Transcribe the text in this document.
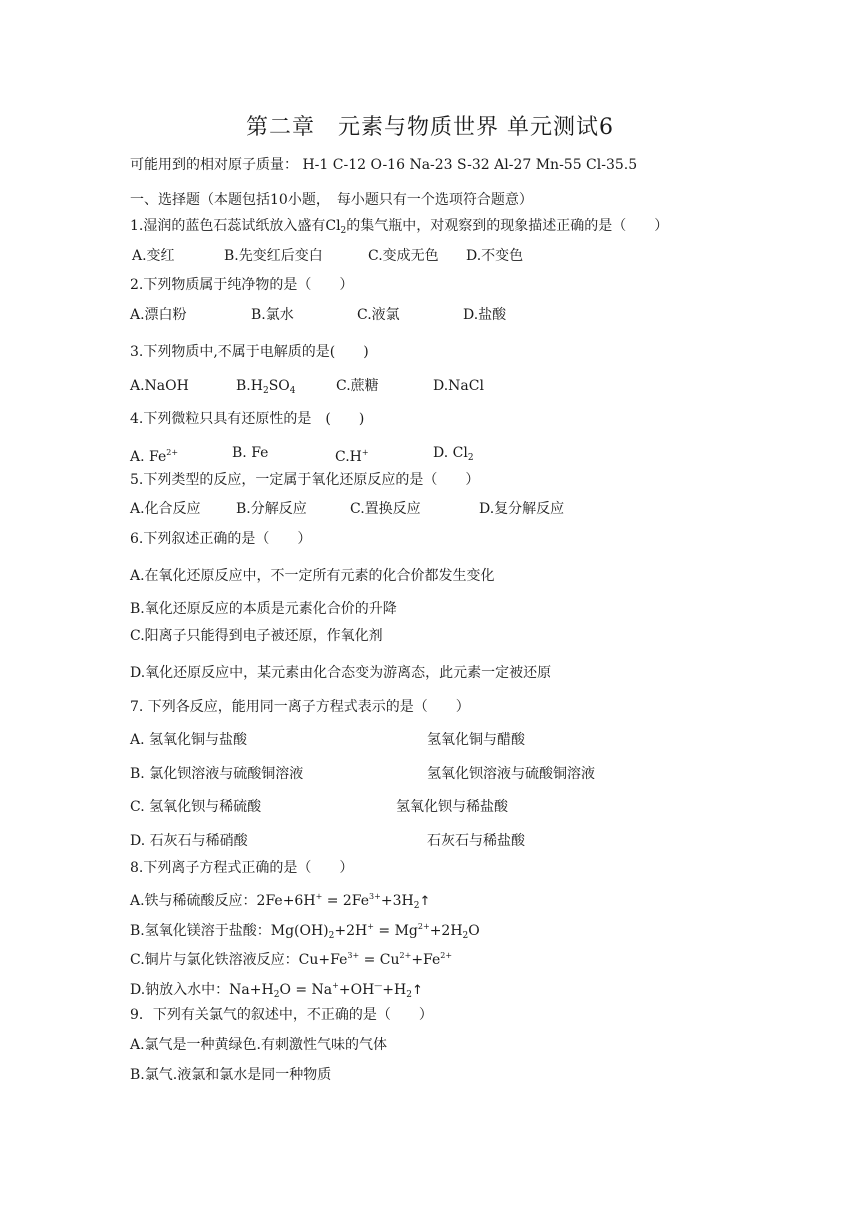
第二章　元素与物质世界 单元测试6
可能用到的相对原子质量： H-1 C-12 O-16 Na-23 S-32 Al-27 Mn-55 Cl-35.5
一、选择题（本题包括10小题，　每小题只有一个选项符合题意）
1.湿润的蓝色石蕊试纸放入盛有$Cl_2$的集气瓶中，对观察到的现象描述正确的是（　　）
A.变红	B.先变红后变白	C.变成无色 D.不变色
2.下列物质属于纯净物的是（　　）
A.漂白粉	B.氯水	C.液氯	D.盐酸
3.下列物质中,不属于电解质的是(　　)
A.NaOH	$B.H_2SO_4$	C.蔗糖	D.NaCl
4.下列微粒只具有还原性的是　(　　)
A. $Fe^{2+}$	B. Fe	C.H+	D. $Cl_2$
5.下列类型的反应，一定属于氧化还原反应的是（　　）
A.化合反应	B.分解反应	C.置换反应	D.复分解反应
6.下列叙述正确的是（　　）
A.在氧化还原反应中，不一定所有元素的化合价都发生变化
B.氧化还原反应的本质是元素化合价的升降
C.阳离子只能得到电子被还原，作氧化剂
D.氧化还原反应中，某元素由化合态变为游离态，此元素一定被还原
7. 下列各反应，能用同一离子方程式表示的是（　　）
A. 氢氧化铜与盐酸	氢氧化铜与醋酸
B. 氯化钡溶液与硫酸铜溶液	氢氧化钡溶液与硫酸铜溶液
C. 氢氧化钡与稀硫酸	氢氧化钡与稀盐酸
D. 石灰石与稀硝酸	石灰石与稀盐酸
8.下列离子方程式正确的是（　　）
A.铁与稀硫酸反应：$2Fe+6H^+ = 2Fe^{3+}+3H_2↑$
B.氢氧化镁溶于盐酸：$Mg(OH)_2+2H^+ = Mg^{2+}+2H_2O$
C.铜片与氯化铁溶液反应：$Cu+Fe^{3+} = Cu^{2+}+Fe^{2+}$
D.钠放入水中：$Na+H_2O$ = $Na^++OH^—+H_2↑$
9．下列有关氯气的叙述中，不正确的是（　　）
A.氯气是一种黄绿色.有刺激性气味的气体
B.氯气.液氯和氯水是同一种物质
